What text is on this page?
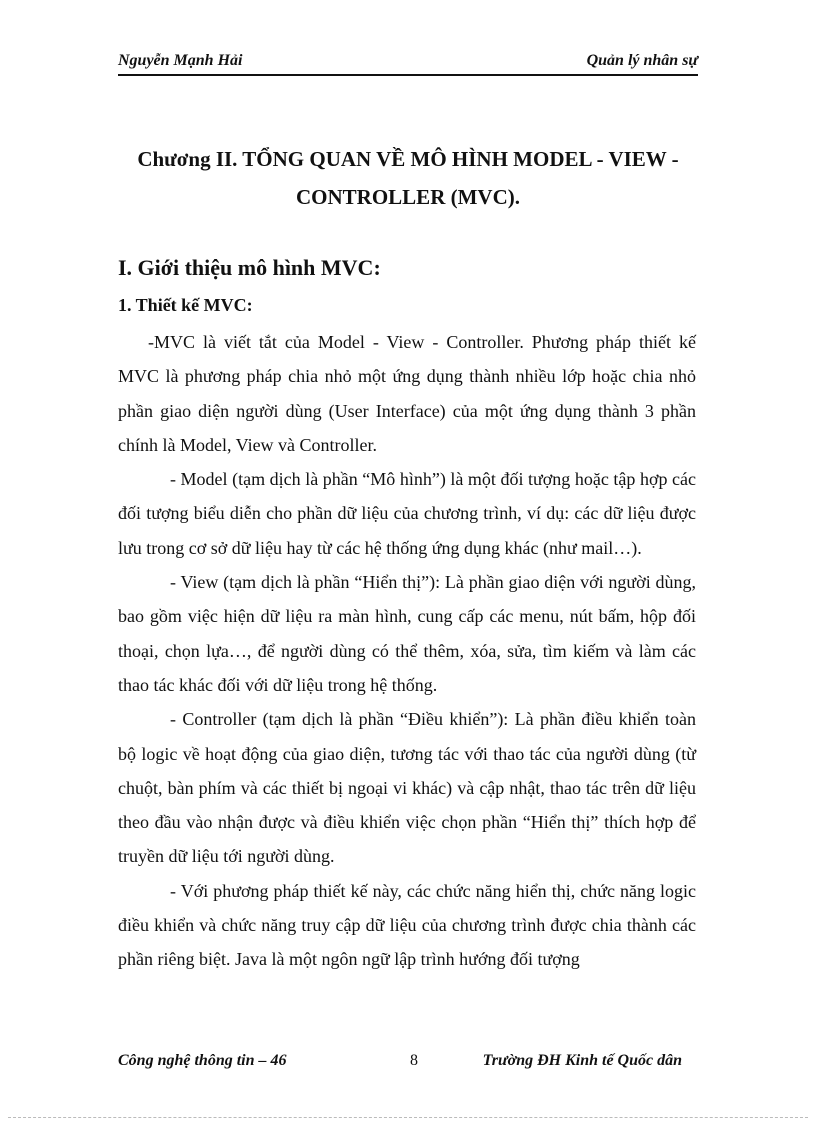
Nguyễn Mạnh Hải	Quản lý nhân sự
Chương II. TỔNG QUAN VỀ MÔ HÌNH MODEL - VIEW -
CONTROLLER (MVC).
I. Giới thiệu mô hình MVC:
1. Thiết kế MVC:

-MVC là viết tắt của Model - View - Controller. Phương pháp thiết kế MVC là phương pháp chia nhỏ một ứng dụng thành nhiều lớp hoặc chia nhỏ phần giao diện người dùng (User Interface) của một ứng dụng thành 3 phần chính là Model, View và Controller.

- Model (tạm dịch là phần “Mô hình”) là một đối tượng hoặc tập hợp các đối tượng biểu diễn cho phần dữ liệu của chương trình, ví dụ: các dữ liệu được lưu trong cơ sở dữ liệu hay từ các hệ thống ứng dụng khác (như mail…).

- View (tạm dịch là phần “Hiển thị”): Là phần giao diện với người dùng, bao gồm việc hiện dữ liệu ra màn hình, cung cấp các menu, nút bấm, hộp đối thoại, chọn lựa…, để người dùng có thể thêm, xóa, sửa, tìm kiếm và làm các thao tác khác đối với dữ liệu trong hệ thống.

- Controller (tạm dịch là phần “Điều khiển”): Là phần điều khiển toàn bộ logic về hoạt động của giao diện, tương tác với thao tác của người dùng (từ chuột, bàn phím và các thiết bị ngoại vi khác) và cập nhật, thao tác trên dữ liệu theo đầu vào nhận được và điều khiển việc chọn phần “Hiển thị” thích hợp để truyền dữ liệu tới người dùng.

- Với phương pháp thiết kế này, các chức năng hiển thị, chức năng logic điều khiển và chức năng truy cập dữ liệu của chương trình được chia thành các phần riêng biệt. Java là một ngôn ngữ lập trình hướng đối tượng

Công nghệ thông tin – 46	8	Trường ĐH Kinh tế Quốc dân
